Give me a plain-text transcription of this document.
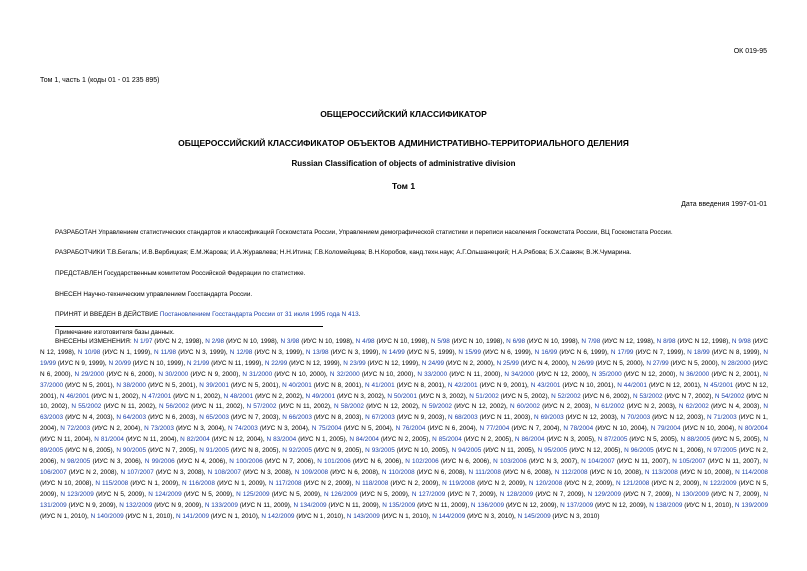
ОК 019-95
Том 1, часть 1 (коды 01 - 01 235 895)
ОБЩЕРОССИЙСКИЙ КЛАССИФИКАТОР
ОБЩЕРОССИЙСКИЙ КЛАССИФИКАТОР ОБЪЕКТОВ АДМИНИСТРАТИВНО-ТЕРРИТОРИАЛЬНОГО ДЕЛЕНИЯ
Russian Classification of objects of administrative division
Том 1
Дата введения 1997-01-01
РАЗРАБОТАН Управлением статистических стандартов и классификаций Госкомстата России, Управлением демографической статистики и переписи населения Госкомстата России, ВЦ Госкомстата России.
РАЗРАБОТЧИКИ Т.В.Бегаль; И.В.Вербицкая; Е.М.Жарова; И.А.Журавлева; Н.Н.Итина; Г.В.Коломейцева; В.Н.Коробов, канд.техн.наук; А.Г.Ольшанецкий; Н.А.Рябова; Б.Х.Саакян; В.Ж.Чумарина.
ПРЕДСТАВЛЕН Государственным комитетом Российской Федерации по статистике.
ВНЕСЕН Научно-техническим управлением Госстандарта России.
ПРИНЯТ И ВВЕДЕН В ДЕЙСТВИЕ Постановлением Госстандарта России от 31 июля 1995 года N 413.
Примечание изготовителя базы данных.
ВНЕСЕНЫ ИЗМЕНЕНИЯ: N 1/97 (ИУС N 2, 1998), N 2/98 (ИУС N 10, 1998), N 3/98 (ИУС N 10, 1998), N 4/98 (ИУС N 10, 1998), N 5/98 (ИУС N 10, 1998), N 6/98 (ИУС N 10, 1998), N 7/98 (ИУС N 12, 1998), N 8/98 (ИУС N 12, 1998), N 9/98 (ИУС N 12, 1998), N 10/98 (ИУС N 1, 1999), N 11/98 (ИУС N 3, 1999), N 12/98 (ИУС N 3, 1999), N 13/98 (ИУС N 3, 1999), N 14/99 (ИУС N 5, 1999), N 15/99 (ИУС N 6, 1999), N 16/99 (ИУС N 6, 1999), N 17/99 (ИУС N 7, 1999), N 18/99 (ИУС N 8, 1999), N 19/99 (ИУС N 9, 1999), N 20/99 (ИУС N 10, 1999), N 21/99 (ИУС N 11, 1999), N 22/99 (ИУС N 12, 1999), N 23/99 (ИУС N 12, 1999), N 24/99 (ИУС N 2, 2000), N 25/99 (ИУС N 4, 2000), N 26/99 (ИУС N 5, 2000), N 27/99 (ИУС N 5, 2000), N 28/2000 (ИУС N 6, 2000), N 29/2000 (ИУС N 6, 2000), N 30/2000 (ИУС N 9, 2000), N 31/2000 (ИУС N 10, 2000), N 32/2000 (ИУС N 10, 2000), N 33/2000 (ИУС N 11, 2000), N 34/2000 (ИУС N 12, 2000), N 35/2000 (ИУС N 12, 2000), N 36/2000 (ИУС N 2, 2001), N 37/2000 (ИУС N 5, 2001), N 38/2000 (ИУС N 5, 2001), N 39/2001 (ИУС N 5, 2001), N 40/2001 (ИУС N 8, 2001), N 41/2001 (ИУС N 8, 2001), N 42/2001 (ИУС N 9, 2001), N 43/2001 (ИУС N 10, 2001), N 44/2001 (ИУС N 12, 2001), N 45/2001 (ИУС N 12, 2001), N 46/2001 (ИУС N 1, 2002), N 47/2001 (ИУС N 1, 2002), N 48/2001 (ИУС N 2, 2002), N 49/2001 (ИУС N 3, 2002), N 50/2001 (ИУС N 3, 2002), N 51/2002 (ИУС N 5, 2002), N 52/2002 (ИУС N 6, 2002), N 53/2002 (ИУС N 7, 2002), N 54/2002 (ИУС N 10, 2002), N 55/2002 (ИУС N 11, 2002), N 56/2002 (ИУС N 11, 2002), N 57/2002 (ИУС N 11, 2002), N 58/2002 (ИУС N 12, 2002), N 59/2002 (ИУС N 12, 2002), N 60/2002 (ИУС N 2, 2003), N 61/2002 (ИУС N 2, 2003), N 62/2002 (ИУС N 4, 2003), N 63/2003 (ИУС N 4, 2003), N 64/2003 (ИУС N 6, 2003), N 65/2003 (ИУС N 7, 2003), N 66/2003 (ИУС N 8, 2003), N 67/2003 (ИУС N 9, 2003), N 68/2003 (ИУС N 11, 2003), N 69/2003 (ИУС N 12, 2003), N 70/2003 (ИУС N 12, 2003), N 71/2003 (ИУС N 1, 2004), N 72/2003 (ИУС N 2, 2004), N 73/2003 (ИУС N 3, 2004), N 74/2003 (ИУС N 3, 2004), N 75/2004 (ИУС N 5, 2004), N 76/2004 (ИУС N 6, 2004), N 77/2004 (ИУС N 7, 2004), N 78/2004 (ИУС N 10, 2004), N 79/2004 (ИУС N 10, 2004), N 80/2004 (ИУС N 11, 2004), N 81/2004 (ИУС N 11, 2004), N 82/2004 (ИУС N 12, 2004), N 83/2004 (ИУС N 1, 2005), N 84/2004 (ИУС N 2, 2005), N 85/2004 (ИУС N 2, 2005), N 86/2004 (ИУС N 3, 2005), N 87/2005 (ИУС N 5, 2005), N 88/2005 (ИУС N 5, 2005), N 89/2005 (ИУС N 6, 2005), N 90/2005 (ИУС N 7, 2005), N 91/2005 (ИУС N 8, 2005), N 92/2005 (ИУС N 9, 2005), N 93/2005 (ИУС N 10, 2005), N 94/2005 (ИУС N 11, 2005), N 95/2005 (ИУС N 12, 2005), N 96/2005 (ИУС N 1, 2006), N 97/2005 (ИУС N 2, 2006), N 98/2005 (ИУС N 3, 2006), N 99/2006 (ИУС N 4, 2006), N 100/2006 (ИУС N 7, 2006), N 101/2006 (ИУС N 6, 2006), N 102/2006 (ИУС N 6, 2006), N 103/2006 (ИУС N 3, 2007), N 104/2007 (ИУС N 11, 2007), N 105/2007 (ИУС N 11, 2007), N 106/2007 (ИУС N 2, 2008), N 107/2007 (ИУС N 3, 2008), N 108/2007 (ИУС N 3, 2008), N 109/2008 (ИУС N 6, 2008), N 110/2008 (ИУС N 6, 2008), N 111/2008 (ИУС N 6, 2008), N 112/2008 (ИУС N 10, 2008), N 113/2008 (ИУС N 10, 2008), N 114/2008 (ИУС N 10, 2008), N 115/2008 (ИУС N 1, 2009), N 116/2008 (ИУС N 1, 2009), N 117/2008 (ИУС N 2, 2009), N 118/2008 (ИУС N 2, 2009), N 119/2008 (ИУС N 2, 2009), N 120/2008 (ИУС N 2, 2009), N 121/2008 (ИУС N 2, 2009), N 122/2009 (ИУС N 5, 2009), N 123/2009 (ИУС N 5, 2009), N 124/2009 (ИУС N 5, 2009), N 125/2009 (ИУС N 5, 2009), N 126/2009 (ИУС N 5, 2009), N 127/2009 (ИУС N 7, 2009), N 128/2009 (ИУС N 7, 2009), N 129/2009 (ИУС N 7, 2009), N 130/2009 (ИУС N 7, 2009), N 131/2009 (ИУС N 9, 2009), N 132/2009 (ИУС N 9, 2009), N 133/2009 (ИУС N 11, 2009), N 134/2009 (ИУС N 11, 2009), N 135/2009 (ИУС N 11, 2009), N 136/2009 (ИУС N 12, 2009), N 137/2009 (ИУС N 12, 2009), N 138/2009 (ИУС N 1, 2010), N 139/2009 (ИУС N 1, 2010), N 140/2009 (ИУС N 1, 2010), N 141/2009 (ИУС N 1, 2010), N 142/2009 (ИУС N 1, 2010), N 143/2009 (ИУС N 1, 2010), N 144/2009 (ИУС N 3, 2010), N 145/2009 (ИУС N 3, 2010)
